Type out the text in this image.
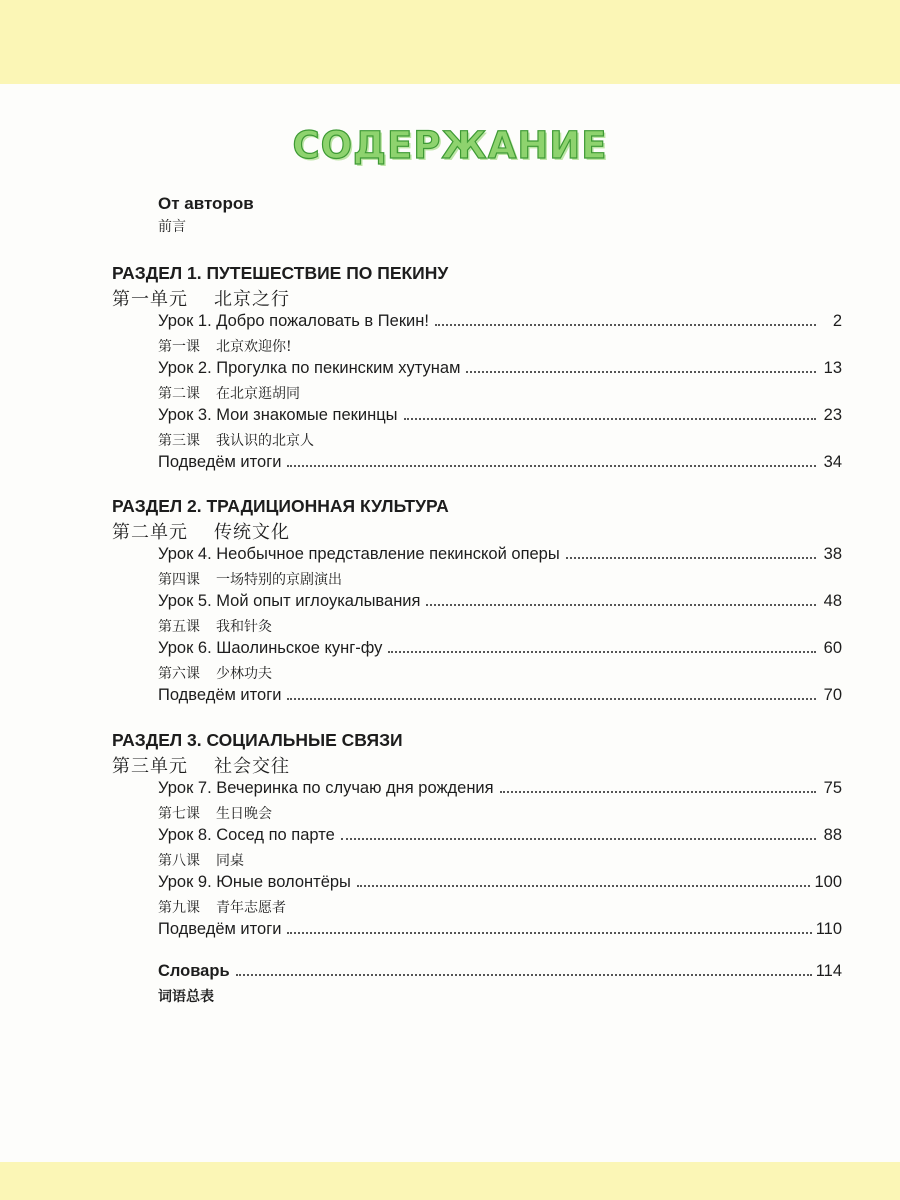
СОДЕРЖАНИЕ
От авторов
前言
РАЗДЕЛ 1. ПУТЕШЕСТВИЕ ПО ПЕКИНУ
第一单元 北京之行
Урок 1. Добро пожаловать в Пекин!	2
第一课 北京欢迎你!
Урок 2. Прогулка по пекинским хутунам	13
第二课 在北京逛胡同
Урок 3. Мои знакомые пекинцы	23
第三课 我认识的北京人
Подведём итоги	34
РАЗДЕЛ 2. ТРАДИЦИОННАЯ КУЛЬТУРА
第二单元 传统文化
Урок 4. Необычное представление пекинской оперы	38
第四课 一场特别的京剧演出
Урок 5. Мой опыт иглоукалывания	48
第五课 我和针灸
Урок 6. Шаолиньское кунг-фу	60
第六课 少林功夫
Подведём итоги	70
РАЗДЕЛ 3. СОЦИАЛЬНЫЕ СВЯЗИ
第三单元 社会交往
Урок 7. Вечеринка по случаю дня рождения	75
第七课 生日晚会
Урок 8. Сосед по парте	88
第八课 同桌
Урок 9. Юные волонтёры	100
第九课 青年志愿者
Подведём итоги	110
Словарь	114
词语总表
